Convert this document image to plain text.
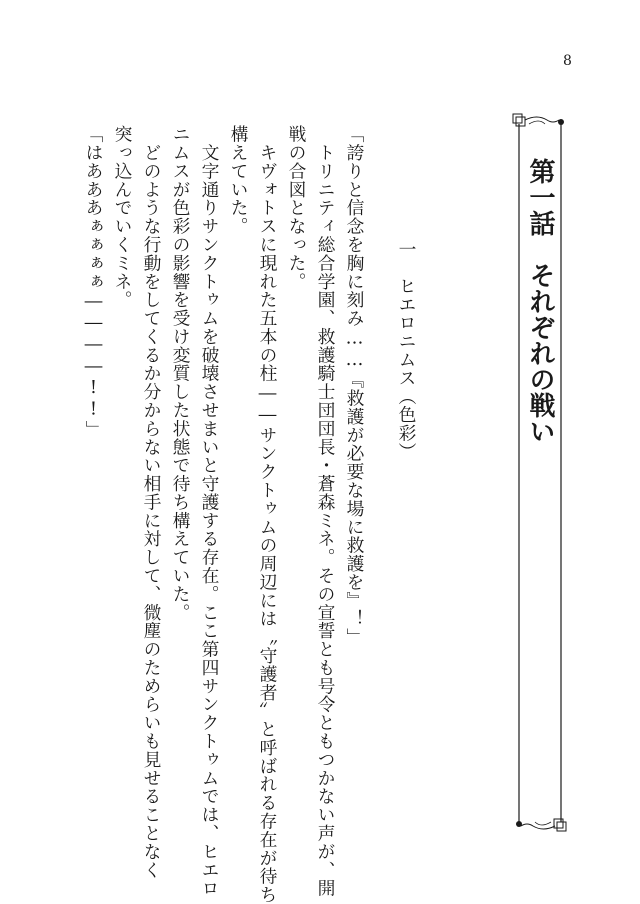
8
第一話　それぞれの戦い
一　ヒエロニムス（色彩）
「誇りと信念を胸に刻み……『救護が必要な場に救護を』！」
　トリニティ総合学園、救護騎士団団長・蒼森ミネ。その宣誓とも号令ともつかない声が、開
戦の合図となった。
　キヴォトスに現れた五本の柱――サンクトゥムの周辺には〝守護者〟と呼ばれる存在が待ち
構えていた。
　文字通りサンクトゥムを破壊させまいと守護する存在。ここ第四サンクトゥムでは、ヒエロ
ニムスが色彩の影響を受け変質した状態で待ち構えていた。
　どのような行動をしてくるか分からない相手に対して、微塵のためらいも見せることなく
突っ込んでいくミネ。
「はあああぁぁぁぁ――――!!」
